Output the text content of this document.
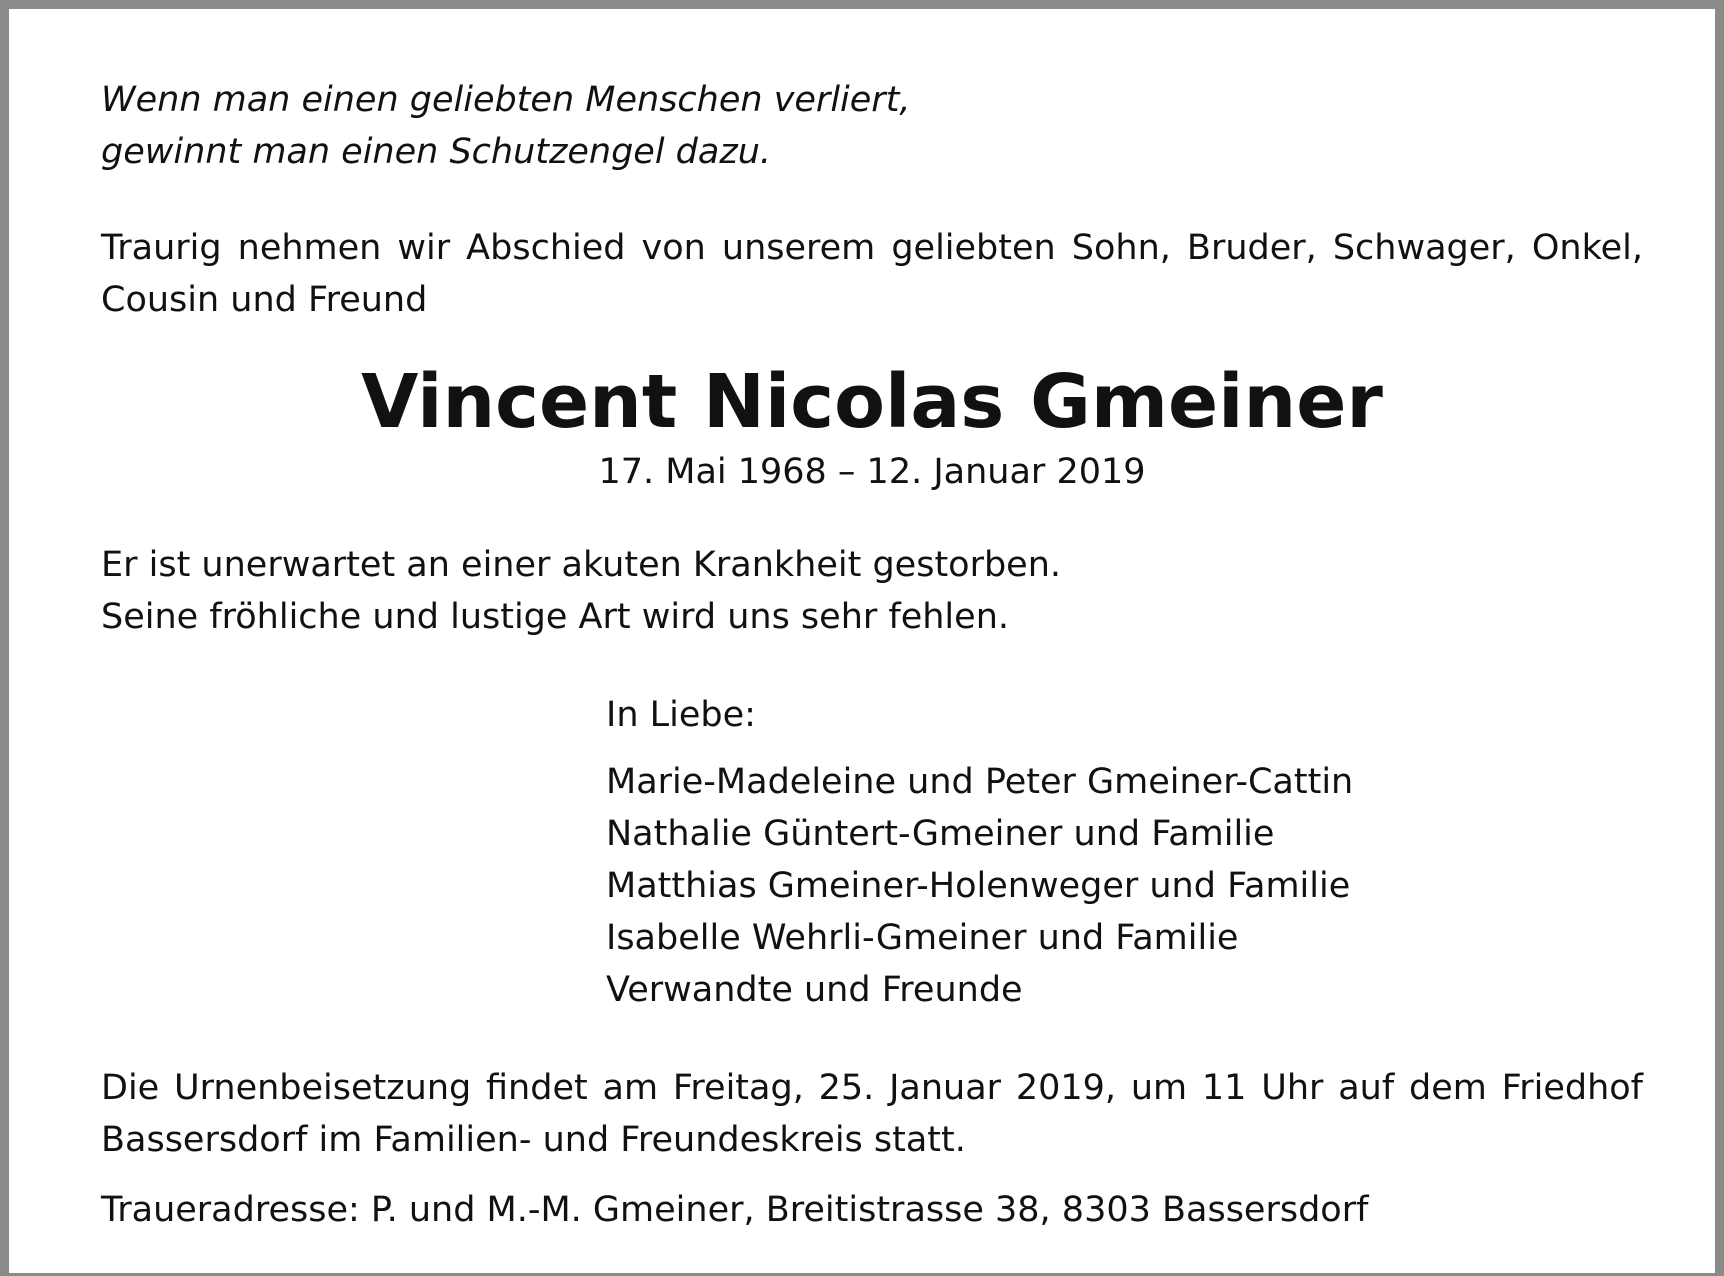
Wenn man einen geliebten Menschen verliert,
gewinnt man einen Schutzengel dazu.
Traurig nehmen wir Abschied von unserem geliebten Sohn, Bruder, Schwager, Onkel,
Cousin und Freund
Vincent Nicolas Gmeiner
17. Mai 1968 – 12. Januar 2019
Er ist unerwartet an einer akuten Krankheit gestorben.
Seine fröhliche und lustige Art wird uns sehr fehlen.
In Liebe:
Marie-Madeleine und Peter Gmeiner-Cattin
Nathalie Güntert-Gmeiner und Familie
Matthias Gmeiner-Holenweger und Familie
Isabelle Wehrli-Gmeiner und Familie
Verwandte und Freunde
Die Urnenbeisetzung findet am Freitag, 25. Januar 2019, um 11 Uhr auf dem Friedhof
Bassersdorf im Familien- und Freundeskreis statt.
Traueradresse: P. und M.-M. Gmeiner, Breitistrasse 38, 8303 Bassersdorf
